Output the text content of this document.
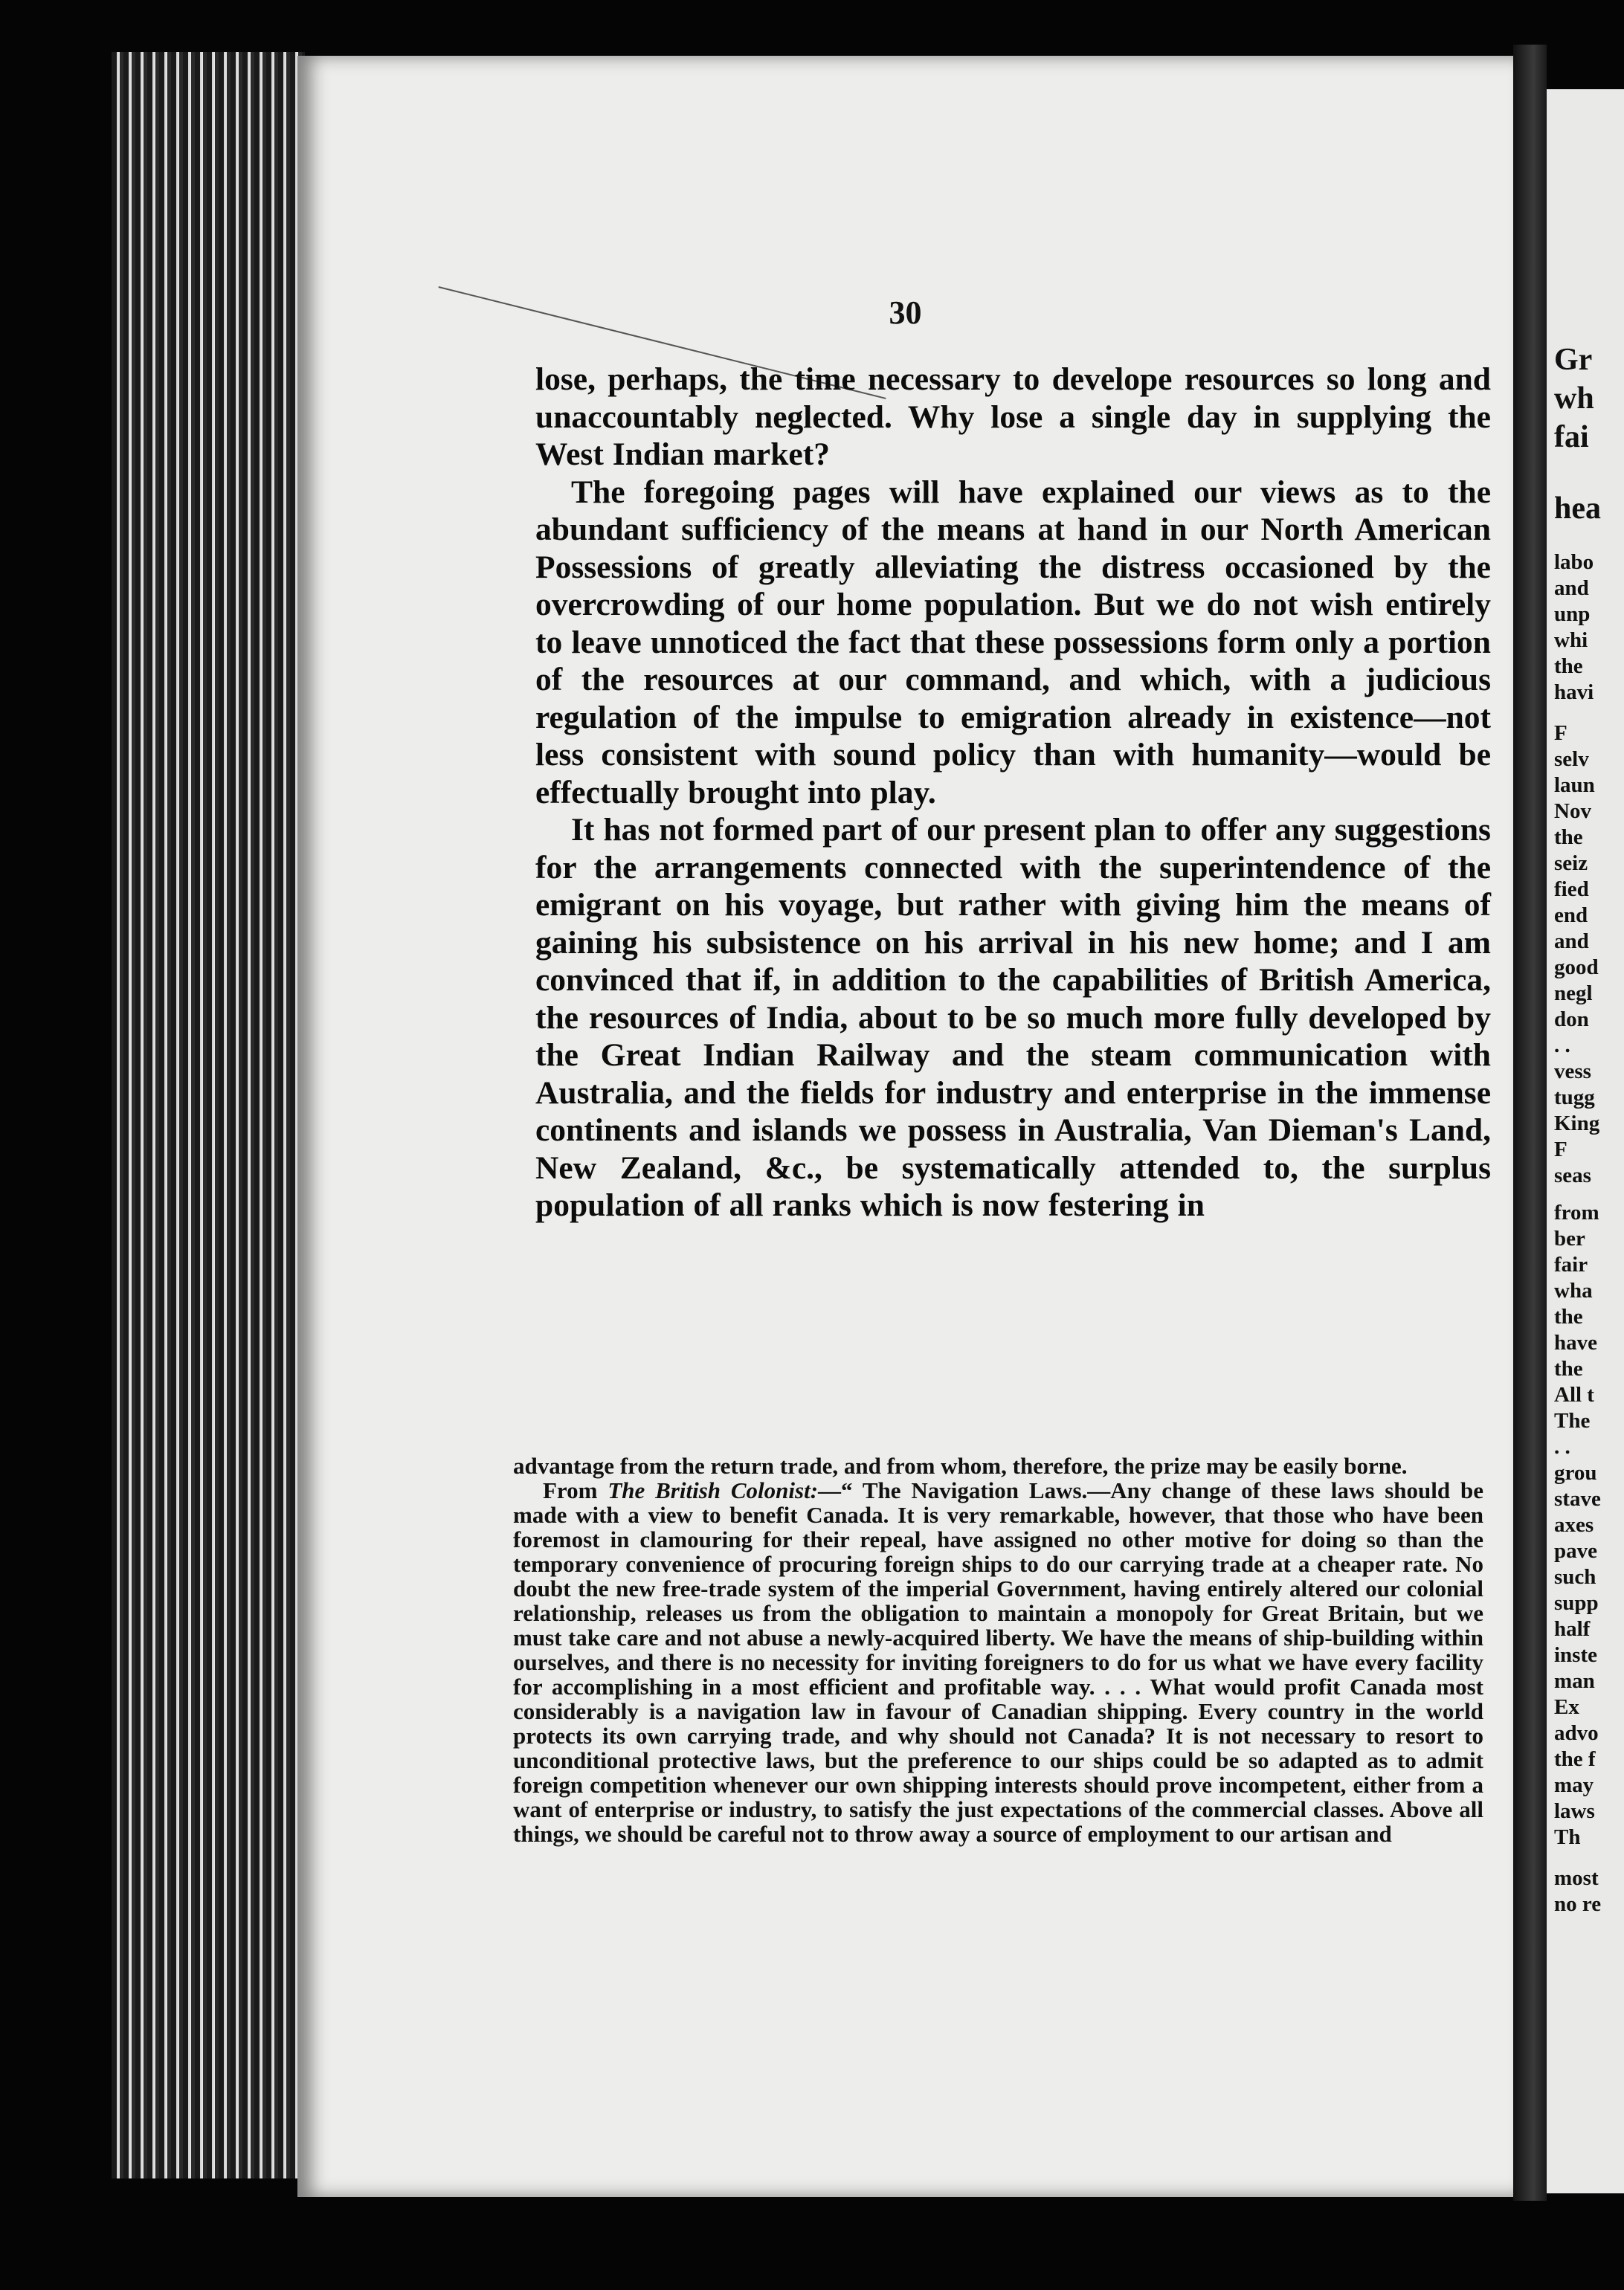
30

lose, perhaps, the time necessary to develope resources so long and unaccountably neglected. Why lose a single day in supplying the West Indian market?

The foregoing pages will have explained our views as to the abundant sufficiency of the means at hand in our North American Possessions of greatly alleviating the distress occasioned by the overcrowding of our home population. But we do not wish entirely to leave unnoticed the fact that these possessions form only a portion of the resources at our command, and which, with a judicious regulation of the impulse to emigration already in existence—not less consistent with sound policy than with humanity—would be effectually brought into play.

It has not formed part of our present plan to offer any suggestions for the arrangements connected with the superintendence of the emigrant on his voyage, but rather with giving him the means of gaining his subsistence on his arrival in his new home; and I am convinced that if, in addition to the capabilities of British America, the resources of India, about to be so much more fully developed by the Great Indian Railway and the steam communication with Australia, and the fields for industry and enterprise in the immense continents and islands we possess in Australia, Van Dieman's Land, New Zealand, &c., be systematically attended to, the surplus population of all ranks which is now festering in

advantage from the return trade, and from whom, therefore, the prize may be easily borne.

From The British Colonist:—“ The Navigation Laws.—Any change of these laws should be made with a view to benefit Canada. It is very remarkable, however, that those who have been foremost in clamouring for their repeal, have assigned no other motive for doing so than the temporary convenience of procuring foreign ships to do our carrying trade at a cheaper rate. No doubt the new free-trade system of the imperial Government, having entirely altered our colonial relationship, releases us from the obligation to maintain a monopoly for Great Britain, but we must take care and not abuse a newly-acquired liberty. We have the means of ship-building within ourselves, and there is no necessity for inviting foreigners to do for us what we have every facility for accomplishing in a most efficient and profitable way. . . . What would profit Canada most considerably is a navigation law in favour of Canadian shipping. Every country in the world protects its own carrying trade, and why should not Canada? It is not necessary to resort to unconditional protective laws, but the preference to our ships could be so adapted as to admit foreign competition whenever our own shipping interests should prove incompetent, either from a want of enterprise or industry, to satisfy the just expectations of the commercial classes. Above all things, we should be careful not to throw away a source of employment to our artisan and

Gr
wh
fai
hea
labo
and
unp
whi
the
havi
F
selv
laun
Nov
the
seiz
fied
end
and
good
negl
don
. .
vess
tugg
King
F
seas
from
ber
fair
wha
the
have
the
All t
The
. .
grou
stave
axes
pave
such
supp
half
inste
man
Ex
advo
the f
may
laws
Th
most
no re
